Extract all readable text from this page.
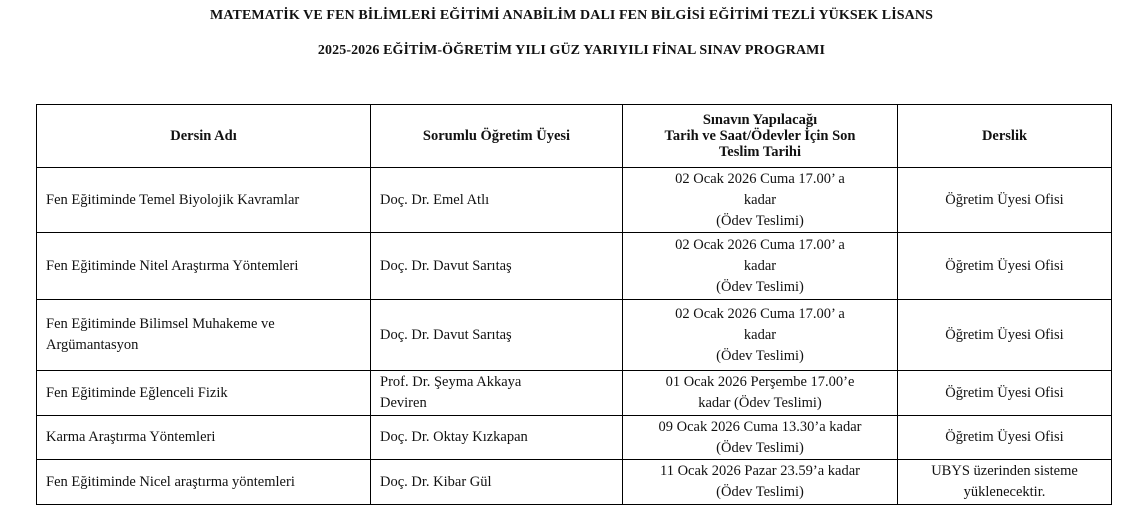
MATEMATİK VE FEN BİLİMLERİ EĞİTİMİ ANABİLİM DALI FEN BİLGİSİ EĞİTİMİ TEZLİ YÜKSEK LİSANS
2025-2026 EĞİTİM-ÖĞRETİM YILI GÜZ YARIYILI FİNAL SINAV PROGRAMI
Dersin Adı	Sorumlu Öğretim Üyesi	Sınavın Yapılacağı
Tarih ve Saat/Ödevler İçin Son
Teslim Tarihi	Derslik

Fen Eğitiminde Temel Biyolojik Kavramlar	Doç. Dr. Emel Atlı	02 Ocak 2026 Cuma 17.00’ a
kadar
(Ödev Teslimi)	Öğretim Üyesi Ofisi

Fen Eğitiminde Nitel Araştırma Yöntemleri	Doç. Dr. Davut Sarıtaş	02 Ocak 2026 Cuma 17.00’ a
kadar
(Ödev Teslimi)	Öğretim Üyesi Ofisi

Fen Eğitiminde Bilimsel Muhakeme ve
Argümantasyon	Doç. Dr. Davut Sarıtaş	02 Ocak 2026 Cuma 17.00’ a
kadar
(Ödev Teslimi)	Öğretim Üyesi Ofisi

Fen Eğitiminde Eğlenceli Fizik	Prof. Dr. Şeyma Akkaya
Deviren	01 Ocak 2026 Perşembe 17.00’e
kadar (Ödev Teslimi)	Öğretim Üyesi Ofisi

Karma Araştırma Yöntemleri	Doç. Dr. Oktay Kızkapan	09 Ocak 2026 Cuma 13.30’a kadar
(Ödev Teslimi)	Öğretim Üyesi Ofisi

Fen Eğitiminde Nicel araştırma yöntemleri	Doç. Dr. Kibar Gül	11 Ocak 2026 Pazar 23.59’a kadar
(Ödev Teslimi)	UBYS üzerinden sisteme
yüklenecektir.
